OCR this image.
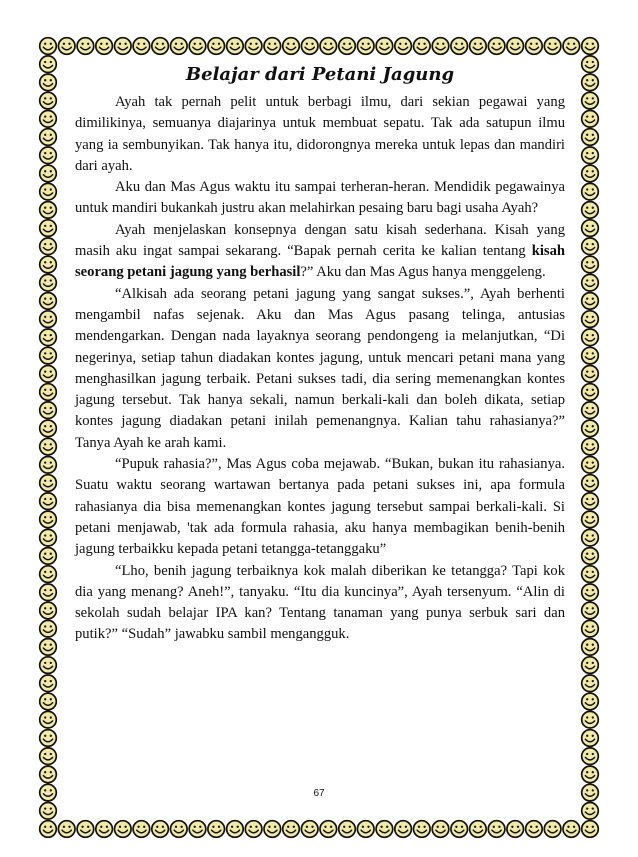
Belajar dari Petani Jagung

Ayah tak pernah pelit untuk berbagi ilmu, dari sekian pegawai yang dimilikinya, semuanya diajarinya untuk membuat sepatu. Tak ada satupun ilmu yang ia sembunyikan. Tak hanya itu, didorongnya mereka untuk lepas dan mandiri dari ayah.

Aku dan Mas Agus waktu itu sampai terheran-heran. Mendidik pegawainya untuk mandiri bukankah justru akan melahirkan pesaing baru bagi usaha Ayah?

Ayah menjelaskan konsepnya dengan satu kisah sederhana. Kisah yang masih aku ingat sampai sekarang. “Bapak pernah cerita ke kalian tentang kisah seorang petani jagung yang berhasil?” Aku dan Mas Agus hanya menggeleng.

“Alkisah ada seorang petani jagung yang sangat sukses.”, Ayah berhenti mengambil nafas sejenak. Aku dan Mas Agus pasang telinga, antusias mendengarkan. Dengan nada layaknya seorang pendongeng ia melanjutkan, “Di negerinya, setiap tahun diadakan kontes jagung, untuk mencari petani mana yang menghasilkan jagung terbaik. Petani sukses tadi, dia sering memenangkan kontes jagung tersebut. Tak hanya sekali, namun berkali-kali dan boleh dikata, setiap kontes jagung diadakan petani inilah pemenangnya. Kalian tahu rahasianya?” Tanya Ayah ke arah kami.

“Pupuk rahasia?”, Mas Agus coba mejawab. “Bukan, bukan itu rahasianya. Suatu waktu seorang wartawan bertanya pada petani sukses ini, apa formula rahasianya dia bisa memenangkan kontes jagung tersebut sampai berkali-kali. Si petani menjawab, 'tak ada formula rahasia, aku hanya membagikan benih-benih jagung terbaikku kepada petani tetangga-tetanggaku”

“Lho, benih jagung terbaiknya kok malah diberikan ke tetangga? Tapi kok dia yang menang? Aneh!”, tanyaku. “Itu dia kuncinya”, Ayah tersenyum. “Alin di sekolah sudah belajar IPA kan? Tentang tanaman yang punya serbuk sari dan putik?” “Sudah” jawabku sambil mengangguk.

67
